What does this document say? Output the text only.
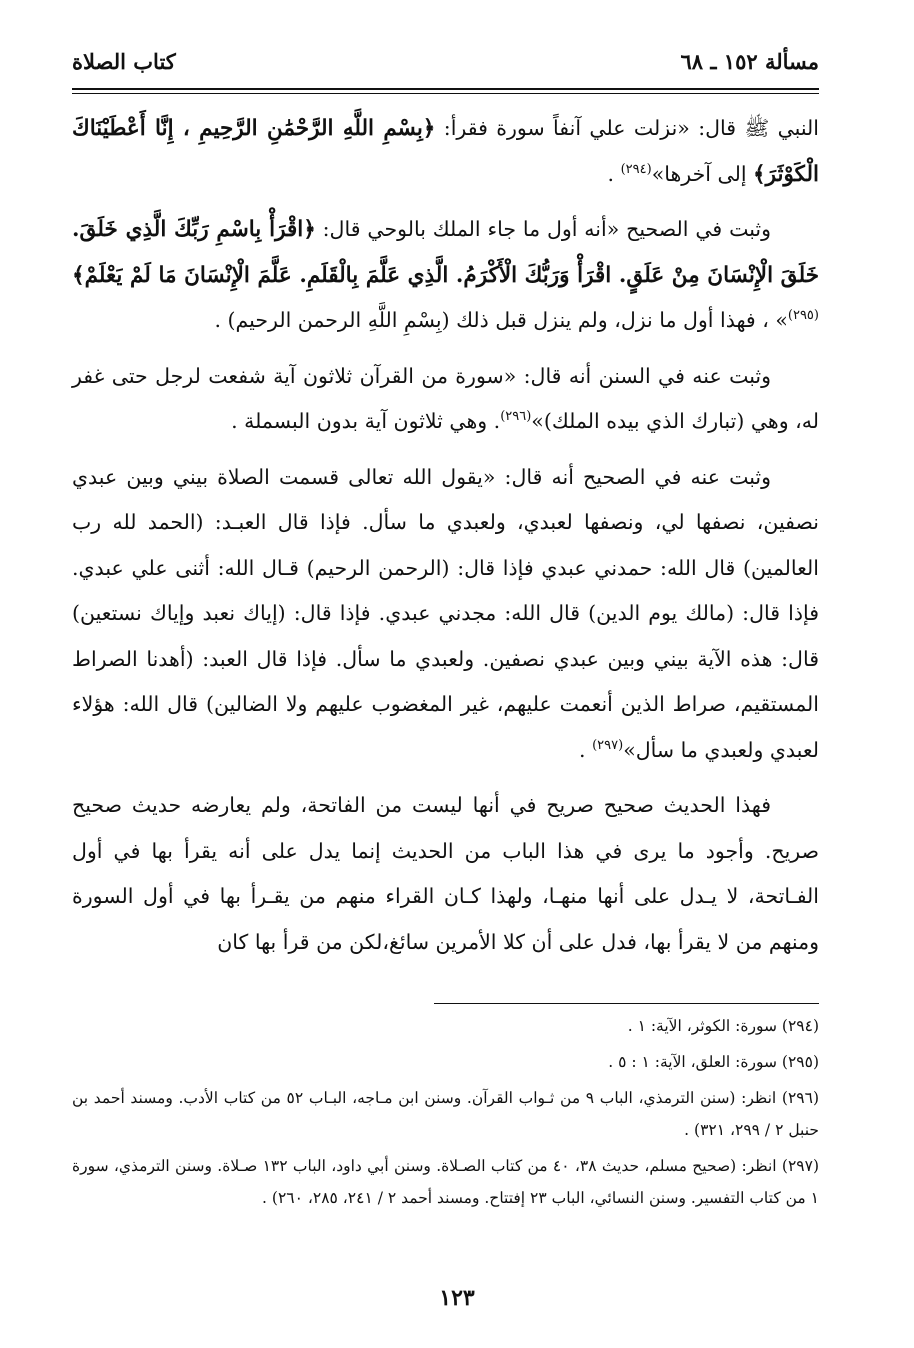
مسألة ١٥٢ ـ ٦٨
كتاب الصلاة

النبي ﷺ قال: «نزلت علي آنفاً سورة فقرأ: ﴿بِسْمِ اللَّهِ الرَّحْمَٰنِ الرَّحِيمِ ، إِنَّا أَعْطَيْنَاكَ الْكَوْثَرَ﴾ إلى آخرها»$^{(٢٩٤)}$ .

وثبت في الصحيح «أنه أول ما جاء الملك بالوحي قال: ﴿اقْرَأْ بِاسْمِ رَبِّكَ الَّذِي خَلَقَ. خَلَقَ الْإِنْسَانَ مِنْ عَلَقٍ. اقْرَأْ وَرَبُّكَ الْأَكْرَمُ. الَّذِي عَلَّمَ بِالْقَلَمِ. عَلَّمَ الْإِنْسَانَ مَا لَمْ يَعْلَمْ﴾$^{(٢٩٥)}$» ، فهذا أول ما نزل، ولم ينزل قبل ذلك (بِسْمِ اللَّهِ الرحمن الرحيم) .

وثبت عنه في السنن أنه قال: «سورة من القرآن ثلاثون آية شفعت لرجل حتى غفر له، وهي (تبارك الذي بيده الملك)»$^{(٢٩٦)}$. وهي ثلاثون آية بدون البسملة .

وثبت عنه في الصحيح أنه قال: «يقول الله تعالى قسمت الصلاة بيني وبين عبدي نصفين، نصفها لي، ونصفها لعبدي، ولعبدي ما سأل. فإذا قال العبـد: (الحمد لله رب العالمين) قال الله: حمدني عبدي فإذا قال: (الرحمن الرحيم) قـال الله: أثنى علي عبدي. فإذا قال: (مالك يوم الدين) قال الله: مجدني عبدي. فإذا قال: (إياك نعبد وإياك نستعين) قال: هذه الآية بيني وبين عبدي نصفين. ولعبدي ما سأل. فإذا قال العبد: (أهدنا الصراط المستقيم، صراط الذين أنعمت عليهم، غير المغضوب عليهم ولا الضالين) قال الله: هؤلاء لعبدي ولعبدي ما سأل»$^{(٢٩٧)}$ .

فهذا الحديث صحيح صريح في أنها ليست من الفاتحة، ولم يعارضه حديث صحيح صريح. وأجود ما يرى في هذا الباب من الحديث إنما يدل على أنه يقرأ بها في أول الفـاتحة، لا يـدل على أنها منهـا، ولهذا كـان القراء منهم من يقـرأ بها في أول السورة ومنهم من لا يقرأ بها، فدل على أن كلا الأمرين سائغ،لكن من قرأ بها كان

(٢٩٤) سورة: الكوثر، الآية: ١ .
(٢٩٥) سورة: العلق، الآية: ١ : ٥ .
(٢٩٦) انظر: (سنن الترمذي، الباب ٩ من ثـواب القرآن. وسنن ابن مـاجه، البـاب ٥٢ من كتاب الأدب. ومسند أحمد بن حنبل ٢ / ٢٩٩، ٣٢١) .
(٢٩٧) انظر: (صحيح مسلم، حديث ٣٨، ٤٠ من كتاب الصـلاة. وسنن أبي داود، الباب ١٣٢ صـلاة. وسنن الترمذي، سورة ١ من كتاب التفسير. وسنن النسائي، الباب ٢٣ إفتتاح. ومسند أحمد ٢ / ٢٤١، ٢٨٥، ٢٦٠) .
١٢٣
